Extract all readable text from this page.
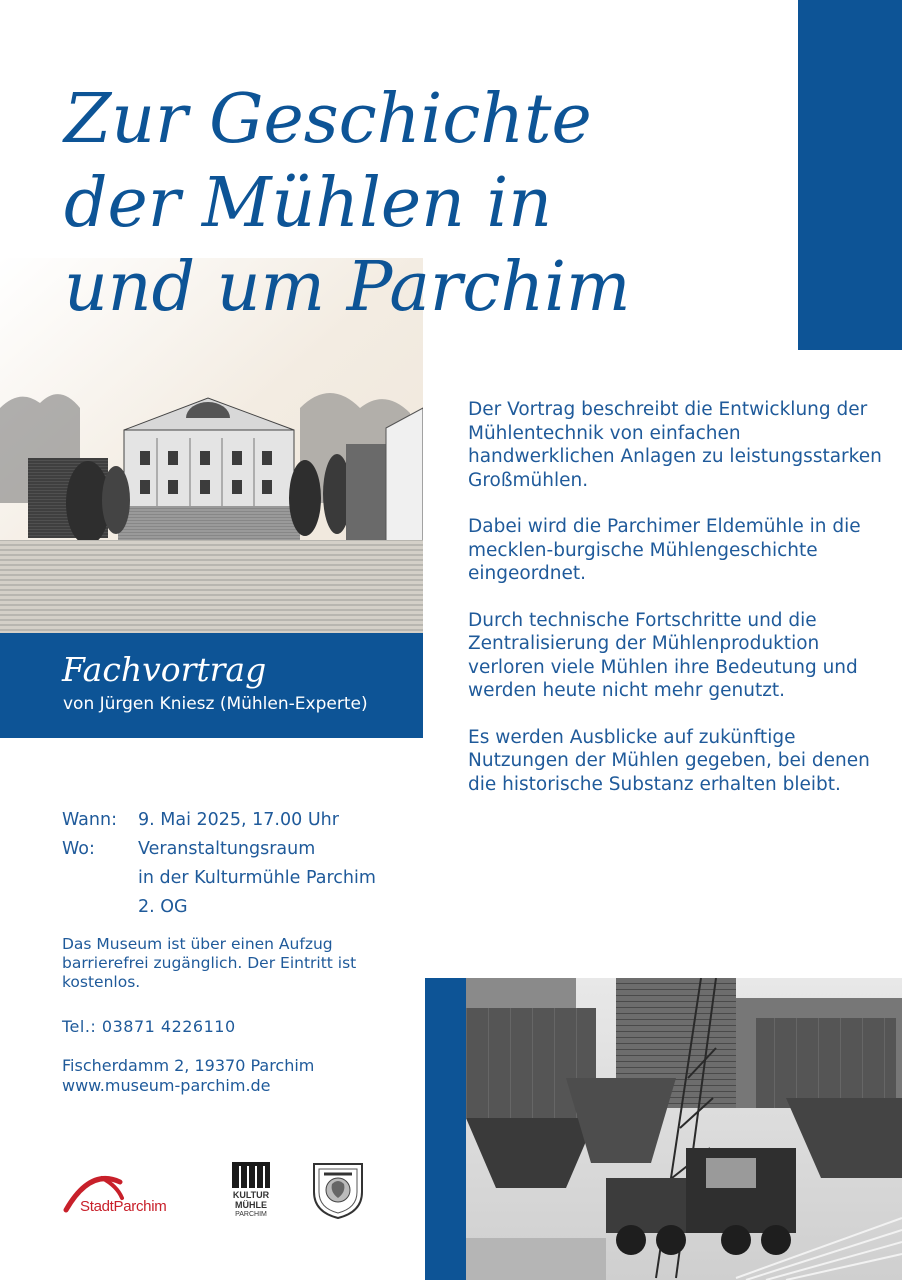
Zur Geschichte
der Mühlen in
und um Parchim
Fachvortrag
von Jürgen Kniesz (Mühlen-Experte)

Der Vortrag beschreibt die Entwicklung der Mühlentechnik von einfachen handwerklichen Anlagen zu leistungsstarken Großmühlen.

Dabei wird die Parchimer Eldemühle in die mecklen-burgische Mühlengeschichte eingeordnet.

Durch technische Fortschritte und die Zentralisierung der Mühlenproduktion verloren viele Mühlen ihre Bedeutung und werden heute nicht mehr genutzt.

Es werden Ausblicke auf zukünftige Nutzungen der Mühlen gegeben, bei denen die historische Substanz erhalten bleibt.

Wann:	9. Mai 2025, 17.00 Uhr
Wo:	Veranstaltungsraum
in der Kulturmühle Parchim
2. OG
Das Museum ist über einen Aufzug barrierefrei zugänglich. Der Eintritt ist kostenlos.
Tel.: 03871 4226110
Fischerdamm 2, 19370 Parchim
www.museum-parchim.de
StadtParchim
KULTUR
MÜHLE
PARCHIM
